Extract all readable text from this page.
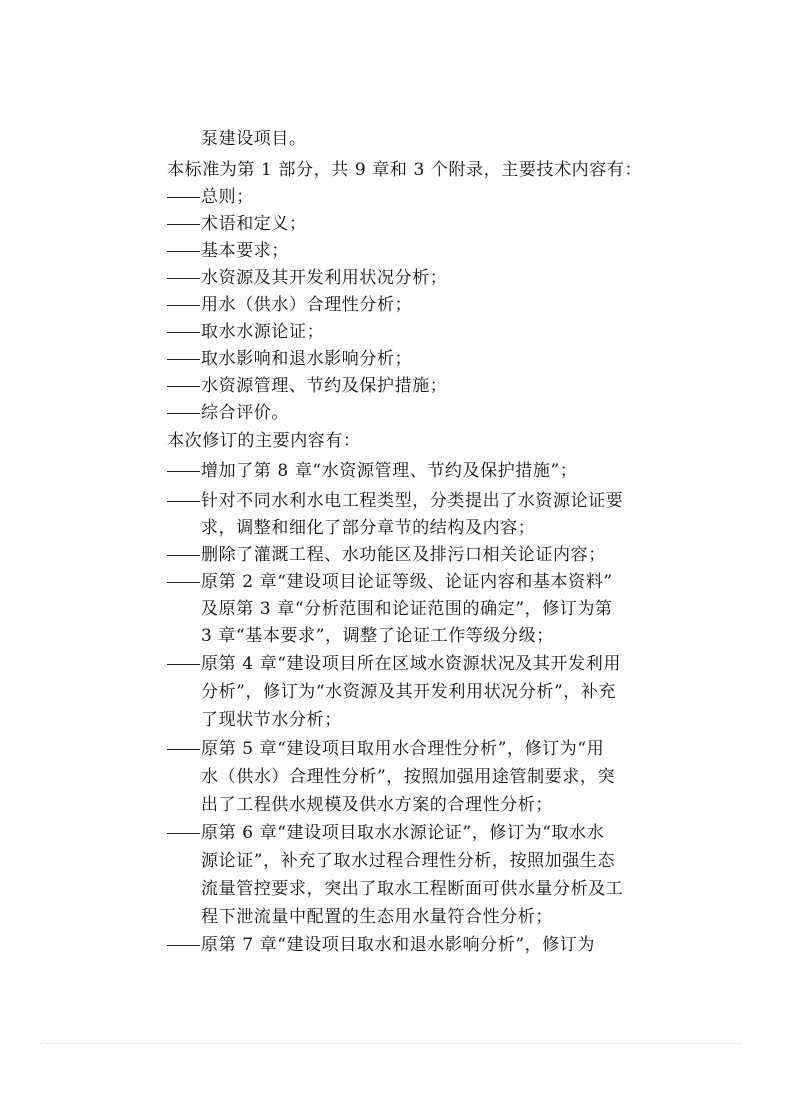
泵建设项目。
本标准为第 1 部分，共 9 章和 3 个附录，主要技术内容有：
总则；
术语和定义；
基本要求；
水资源及其开发利用状况分析；
用水（供水）合理性分析；
取水水源论证；
取水影响和退水影响分析；
水资源管理、节约及保护措施；
综合评价。
本次修订的主要内容有：
增加了第 8 章“水资源管理、节约及保护措施”；
针对不同水利水电工程类型，分类提出了水资源论证要
求，调整和细化了部分章节的结构及内容；
删除了灌溉工程、水功能区及排污口相关论证内容；
原第 2 章“建设项目论证等级、论证内容和基本资料”
及原第 3 章“分析范围和论证范围的确定”，修订为第
3 章“基本要求”，调整了论证工作等级分级；
原第 4 章“建设项目所在区域水资源状况及其开发利用
分析”，修订为“水资源及其开发利用状况分析”，补充
了现状节水分析；
原第 5 章“建设项目取用水合理性分析”，修订为“用
水（供水）合理性分析”，按照加强用途管制要求，突
出了工程供水规模及供水方案的合理性分析；
原第 6 章“建设项目取水水源论证”，修订为“取水水
源论证”，补充了取水过程合理性分析，按照加强生态
流量管控要求，突出了取水工程断面可供水量分析及工
程下泄流量中配置的生态用水量符合性分析；
原第 7 章“建设项目取水和退水影响分析”，修订为
